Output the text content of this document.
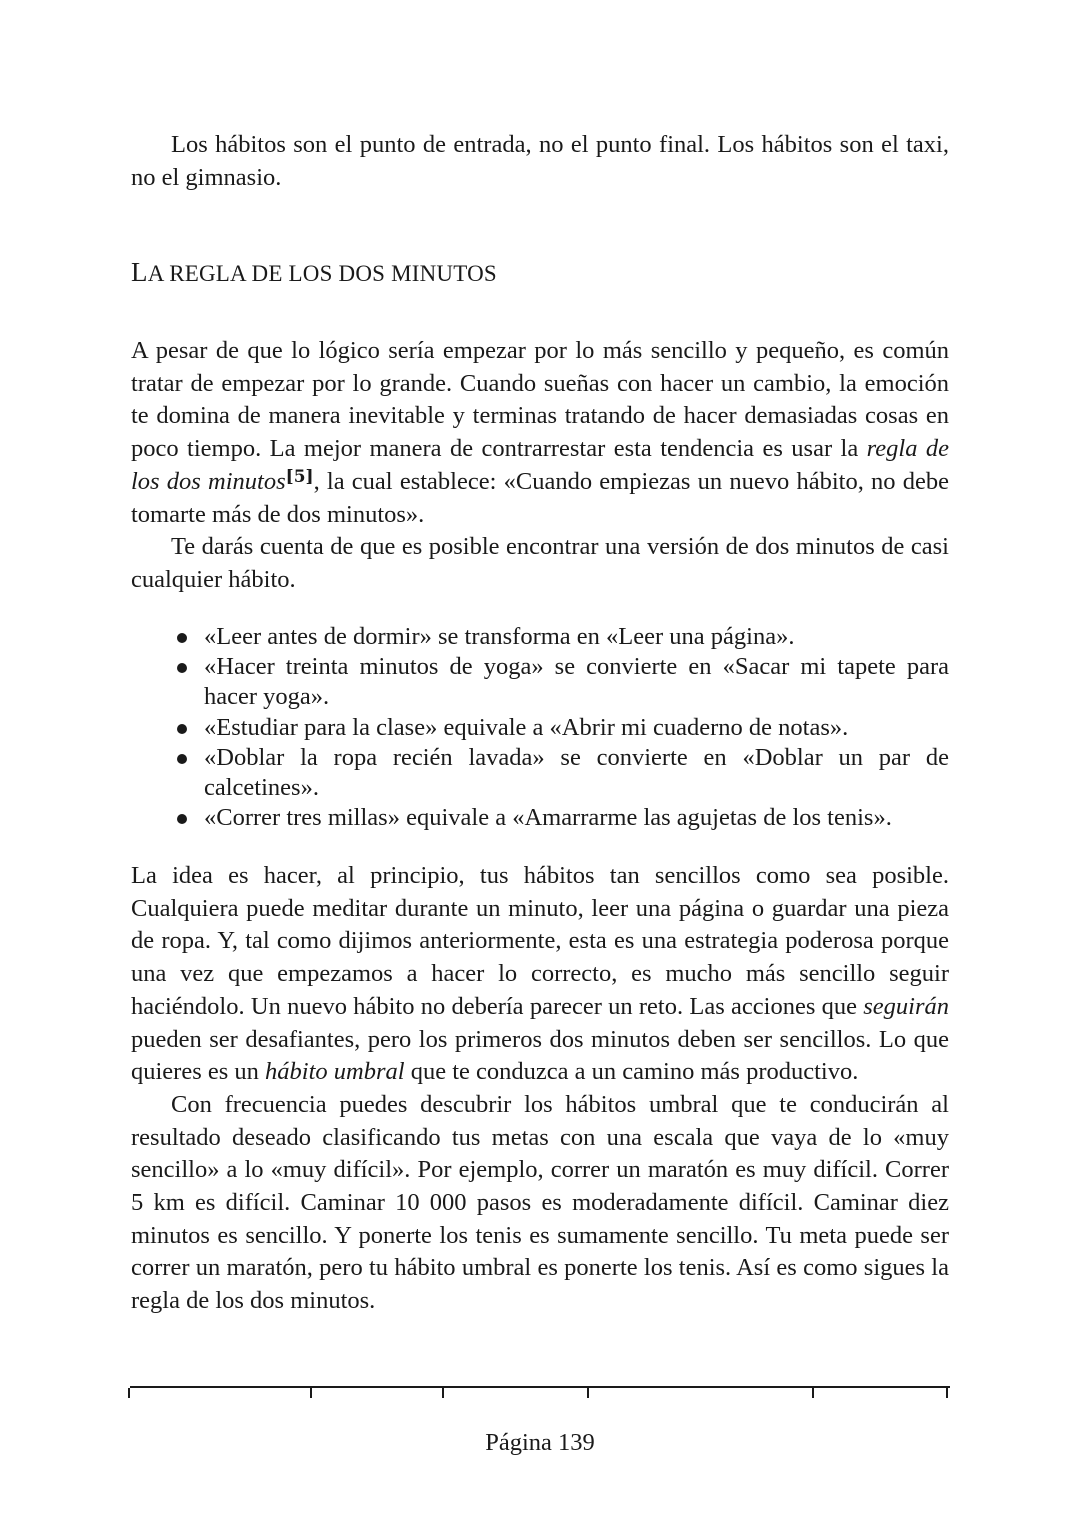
Los hábitos son el punto de entrada, no el punto final. Los hábitos son el taxi, no el gimnasio.

LA REGLA DE LOS DOS MINUTOS

A pesar de que lo lógico sería empezar por lo más sencillo y pequeño, es común tratar de empezar por lo grande. Cuando sueñas con hacer un cambio, la emoción te domina de manera inevitable y terminas tratando de hacer demasiadas cosas en poco tiempo. La mejor manera de contrarrestar esta tendencia es usar la regla de los dos minutos[5], la cual establece: «Cuando empiezas un nuevo hábito, no debe tomarte más de dos minutos».

Te darás cuenta de que es posible encontrar una versión de dos minutos de casi cualquier hábito.

«Leer antes de dormir» se transforma en «Leer una página».
«Hacer treinta minutos de yoga» se convierte en «Sacar mi tapete para hacer yoga».
«Estudiar para la clase» equivale a «Abrir mi cuaderno de notas».
«Doblar la ropa recién lavada» se convierte en «Doblar un par de calcetines».
«Correr tres millas» equivale a «Amarrarme las agujetas de los tenis».

La idea es hacer, al principio, tus hábitos tan sencillos como sea posible. Cualquiera puede meditar durante un minuto, leer una página o guardar una pieza de ropa. Y, tal como dijimos anteriormente, esta es una estrategia poderosa porque una vez que empezamos a hacer lo correcto, es mucho más sencillo seguir haciéndolo. Un nuevo hábito no debería parecer un reto. Las acciones que seguirán pueden ser desafiantes, pero los primeros dos minutos deben ser sencillos. Lo que quieres es un hábito umbral que te conduzca a un camino más productivo.

Con frecuencia puedes descubrir los hábitos umbral que te conducirán al resultado deseado clasificando tus metas con una escala que vaya de lo «muy sencillo» a lo «muy difícil». Por ejemplo, correr un maratón es muy difícil. Correr 5 km es difícil. Caminar 10 000 pasos es moderadamente difícil. Caminar diez minutos es sencillo. Y ponerte los tenis es sumamente sencillo. Tu meta puede ser correr un maratón, pero tu hábito umbral es ponerte los tenis. Así es como sigues la regla de los dos minutos.

Página 139
